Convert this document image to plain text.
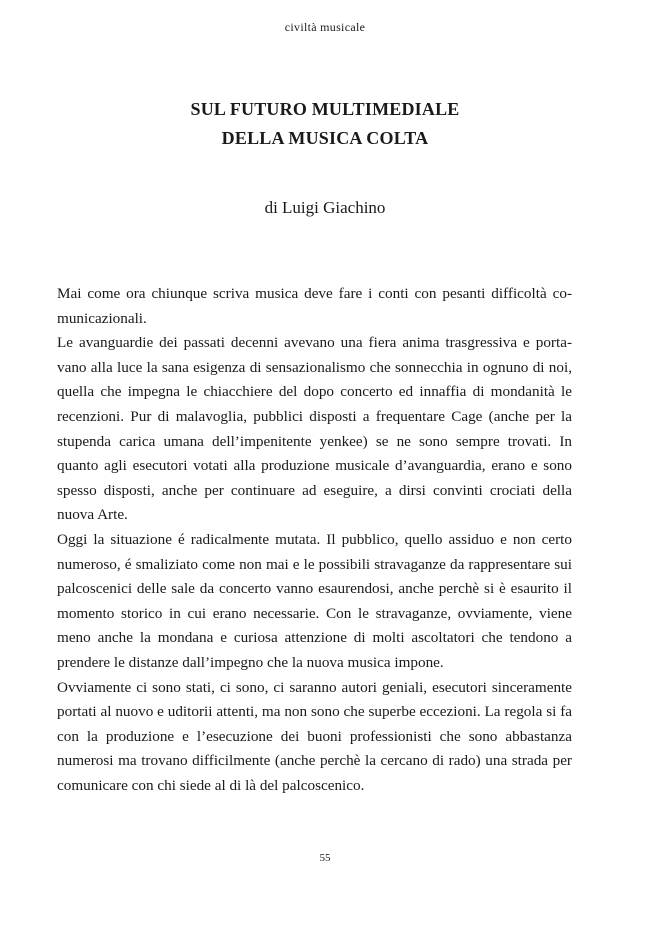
civiltà musicale
SUL FUTURO MULTIMEDIALE
DELLA MUSICA COLTA
di Luigi Giachino

Mai come ora chiunque scriva musica deve fare i conti con pesanti difficoltà comunicazionali.

Le avanguardie dei passati decenni avevano una fiera anima trasgressiva e portavano alla luce la sana esigenza di sensazionalismo che sonnecchia in ognuno di noi, quella che impegna le chiacchiere del dopo concerto ed innaffia di mondanità le recenzioni. Pur di malavoglia, pubblici disposti a frequentare Cage (anche per la stupenda carica umana dell’impenitente yenkee) se ne sono sempre trovati. In quanto agli esecutori votati alla produzione musicale d’avanguardia, erano e sono spesso disposti, anche per continuare ad eseguire, a dirsi convinti crociati della nuova Arte.

Oggi la situazione é radicalmente mutata. Il pubblico, quello assiduo e non certo numeroso, é smaliziato come non mai e le possibili stravaganze da rappresentare sui palcoscenici delle sale da concerto vanno esaurendosi, anche perchè si è esaurito il momento storico in cui erano necessarie. Con le stravaganze, ovviamente, viene meno anche la mondana e curiosa attenzione di molti ascoltatori che tendono a prendere le distanze dall’impegno che la nuova musica impone.

Ovviamente ci sono stati, ci sono, ci saranno autori geniali, esecutori sinceramente portati al nuovo e uditorii attenti, ma non sono che superbe eccezioni. La regola si fa con la produzione e l’esecuzione dei buoni professionisti che sono abbastanza numerosi ma trovano difficilmente (anche perchè la cercano di rado) una strada per comunicare con chi siede al di là del palcoscenico.

55
